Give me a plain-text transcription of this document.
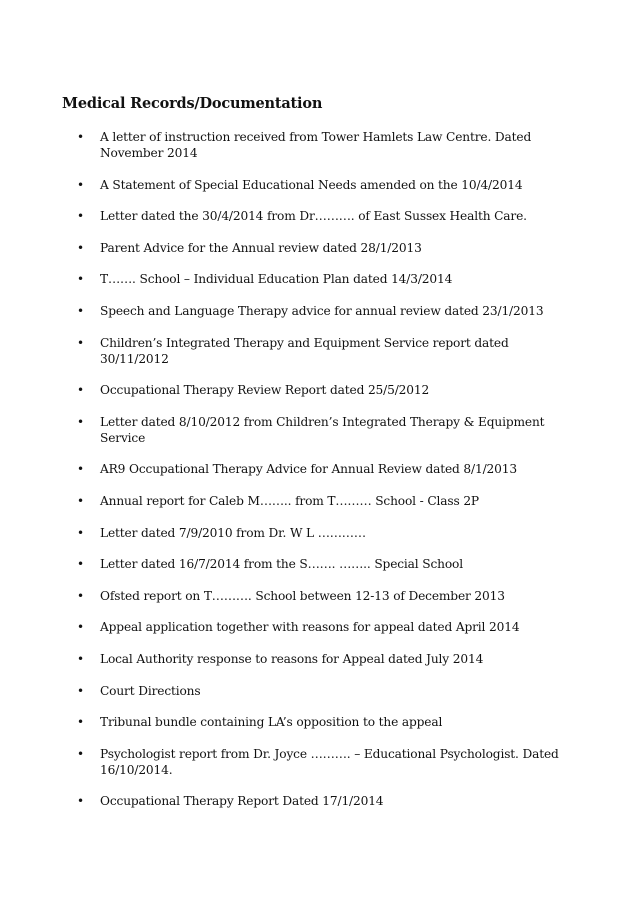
Medical Records/Documentation
• A letter of instruction received from Tower Hamlets Law Centre. Dated November 2014
• A Statement of Special Educational Needs amended on the 10/4/2014
• Letter dated the 30/4/2014 from Dr………. of East Sussex Health Care.
• Parent Advice for the Annual review dated 28/1/2013
• T……. School – Individual Education Plan dated 14/3/2014
• Speech and Language Therapy advice for annual review dated 23/1/2013
• Children’s Integrated Therapy and Equipment Service report dated 30/11/2012
• Occupational Therapy Review Report dated 25/5/2012
• Letter dated 8/10/2012 from Children’s Integrated Therapy & Equipment Service
• AR9 Occupational Therapy Advice for Annual Review dated 8/1/2013
• Annual report for Caleb M…….. from T……… School - Class 2P
• Letter dated 7/9/2010 from Dr. W L …………
• Letter dated 16/7/2014 from the S……. …….. Special School
• Ofsted report on T………. School between 12-13 of December 2013
• Appeal application together with reasons for appeal dated April 2014
• Local Authority response to reasons for Appeal dated July 2014
• Court Directions
• Tribunal bundle containing LA’s opposition to the appeal
• Psychologist report from Dr. Joyce ………. – Educational Psychologist. Dated 16/10/2014.
• Occupational Therapy Report Dated 17/1/2014
